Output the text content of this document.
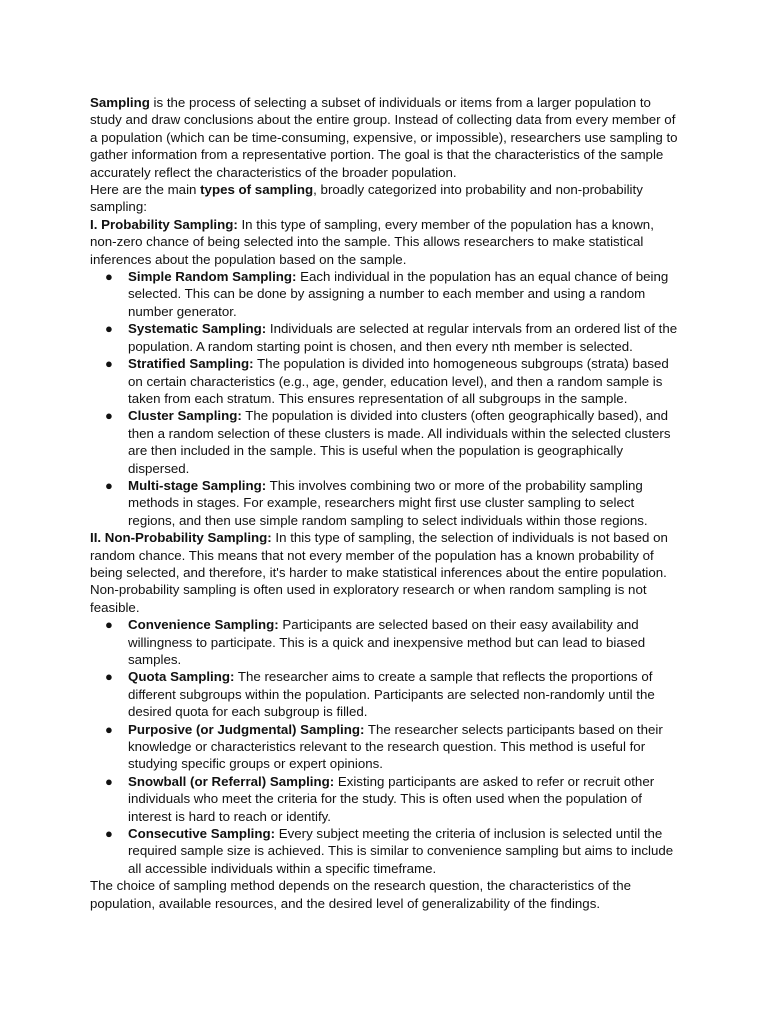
Sampling is the process of selecting a subset of individuals or items from a larger population to study and draw conclusions about the entire group. Instead of collecting data from every member of a population (which can be time-consuming, expensive, or impossible), researchers use sampling to gather information from a representative portion. The goal is that the characteristics of the sample accurately reflect the characteristics of the broader population.

Here are the main types of sampling, broadly categorized into probability and non-probability sampling:

I. Probability Sampling: In this type of sampling, every member of the population has a known, non-zero chance of being selected into the sample. This allows researchers to make statistical inferences about the population based on the sample.

● Simple Random Sampling: Each individual in the population has an equal chance of being selected. This can be done by assigning a number to each member and using a random number generator.
● Systematic Sampling: Individuals are selected at regular intervals from an ordered list of the population. A random starting point is chosen, and then every nth member is selected.
● Stratified Sampling: The population is divided into homogeneous subgroups (strata) based on certain characteristics (e.g., age, gender, education level), and then a random sample is taken from each stratum. This ensures representation of all subgroups in the sample.
● Cluster Sampling: The population is divided into clusters (often geographically based), and then a random selection of these clusters is made. All individuals within the selected clusters are then included in the sample. This is useful when the population is geographically dispersed.
● Multi-stage Sampling: This involves combining two or more of the probability sampling methods in stages. For example, researchers might first use cluster sampling to select regions, and then use simple random sampling to select individuals within those regions.

II. Non-Probability Sampling: In this type of sampling, the selection of individuals is not based on random chance. This means that not every member of the population has a known probability of being selected, and therefore, it's harder to make statistical inferences about the entire population. Non-probability sampling is often used in exploratory research or when random sampling is not feasible.

● Convenience Sampling: Participants are selected based on their easy availability and willingness to participate. This is a quick and inexpensive method but can lead to biased samples.
● Quota Sampling: The researcher aims to create a sample that reflects the proportions of different subgroups within the population. Participants are selected non-randomly until the desired quota for each subgroup is filled.
● Purposive (or Judgmental) Sampling: The researcher selects participants based on their knowledge or characteristics relevant to the research question. This method is useful for studying specific groups or expert opinions.
● Snowball (or Referral) Sampling: Existing participants are asked to refer or recruit other individuals who meet the criteria for the study. This is often used when the population of interest is hard to reach or identify.
● Consecutive Sampling: Every subject meeting the criteria of inclusion is selected until the required sample size is achieved. This is similar to convenience sampling but aims to include all accessible individuals within a specific timeframe.

The choice of sampling method depends on the research question, the characteristics of the population, available resources, and the desired level of generalizability of the findings.
